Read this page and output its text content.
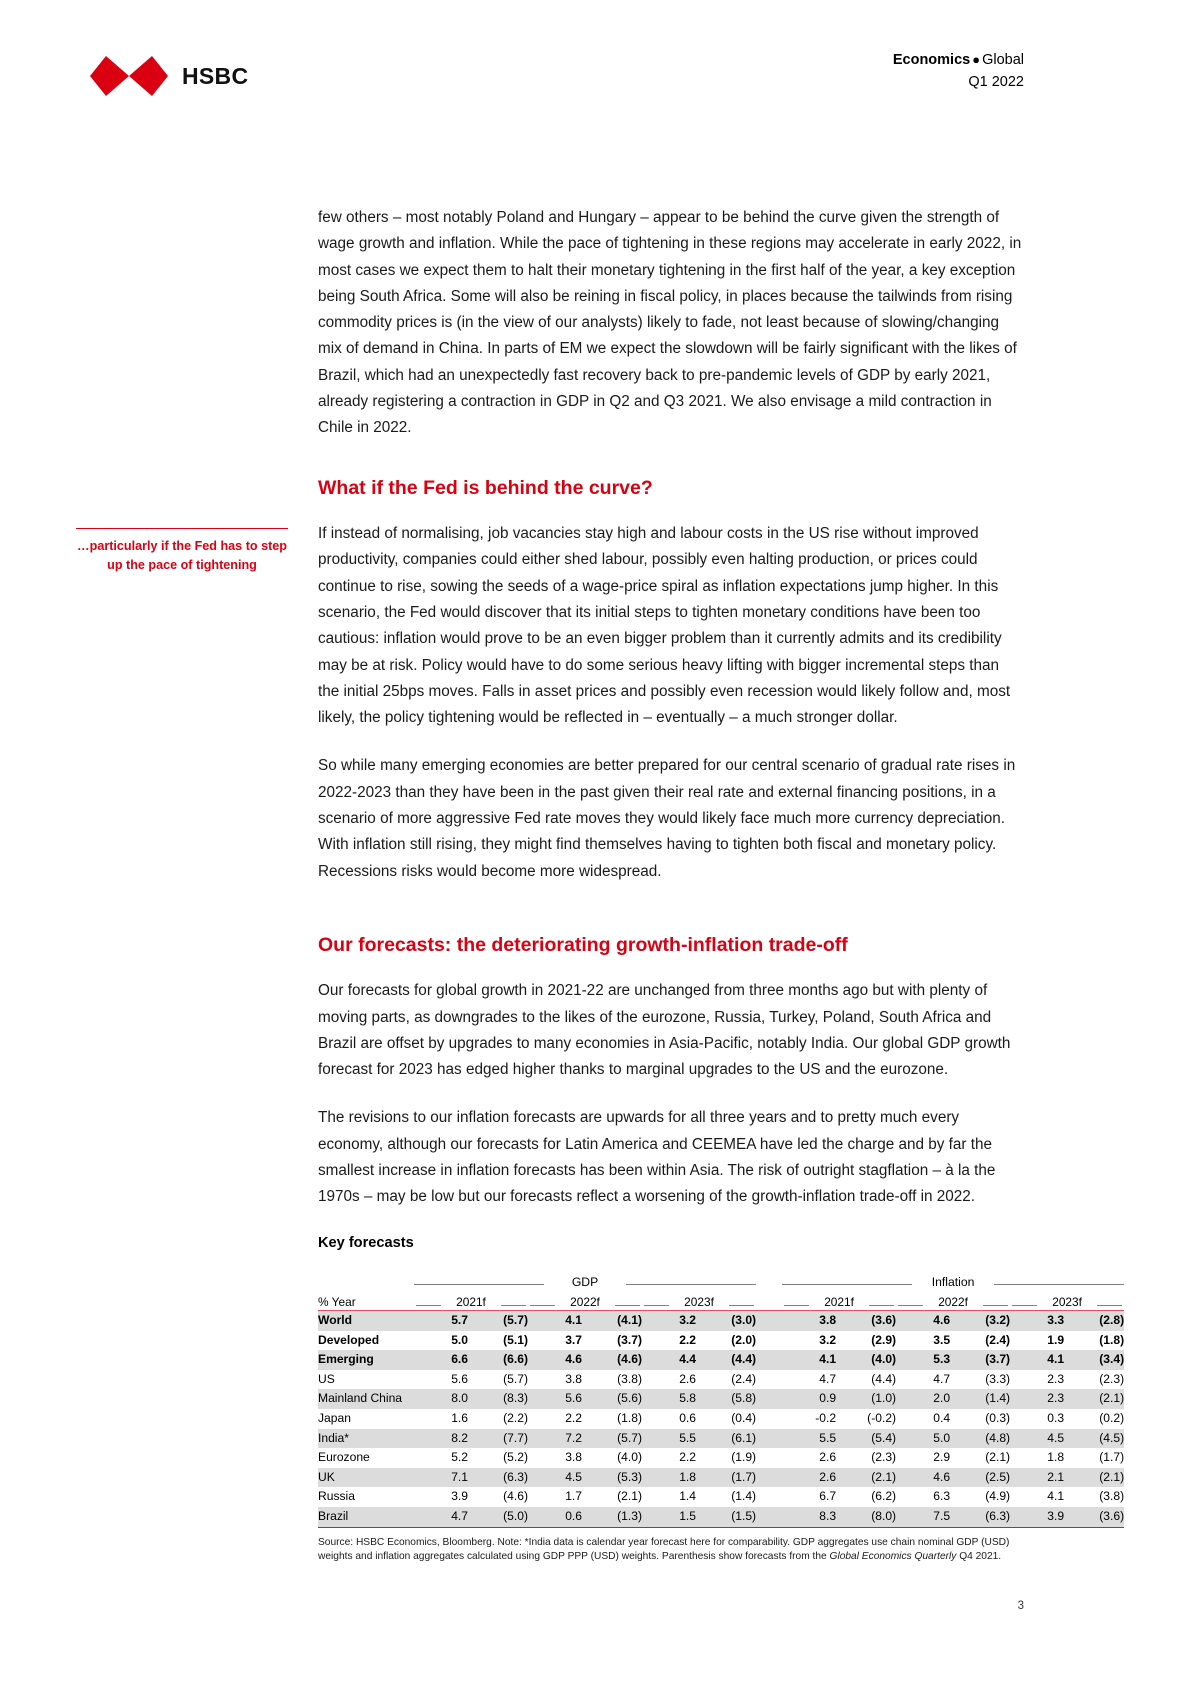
HSBC
Economics ● Global
Q1 2022
…particularly if the Fed has to step up the pace of tightening

few others – most notably Poland and Hungary – appear to be behind the curve given the strength of wage growth and inflation. While the pace of tightening in these regions may accelerate in early 2022, in most cases we expect them to halt their monetary tightening in the first half of the year, a key exception being South Africa. Some will also be reining in fiscal policy, in places because the tailwinds from rising commodity prices is (in the view of our analysts) likely to fade, not least because of slowing/changing mix of demand in China. In parts of EM we expect the slowdown will be fairly significant with the likes of Brazil, which had an unexpectedly fast recovery back to pre-pandemic levels of GDP by early 2021, already registering a contraction in GDP in Q2 and Q3 2021. We also envisage a mild contraction in Chile in 2022.

What if the Fed is behind the curve?

If instead of normalising, job vacancies stay high and labour costs in the US rise without improved productivity, companies could either shed labour, possibly even halting production, or prices could continue to rise, sowing the seeds of a wage-price spiral as inflation expectations jump higher. In this scenario, the Fed would discover that its initial steps to tighten monetary conditions have been too cautious: inflation would prove to be an even bigger problem than it currently admits and its credibility may be at risk. Policy would have to do some serious heavy lifting with bigger incremental steps than the initial 25bps moves. Falls in asset prices and possibly even recession would likely follow and, most likely, the policy tightening would be reflected in – eventually – a much stronger dollar.

So while many emerging economies are better prepared for our central scenario of gradual rate rises in 2022-2023 than they have been in the past given their real rate and external financing positions, in a scenario of more aggressive Fed rate moves they would likely face much more currency depreciation. With inflation still rising, they might find themselves having to tighten both fiscal and monetary policy. Recessions risks would become more widespread.

Our forecasts: the deteriorating growth-inflation trade-off

Our forecasts for global growth in 2021-22 are unchanged from three months ago but with plenty of moving parts, as downgrades to the likes of the eurozone, Russia, Turkey, Poland, South Africa and Brazil are offset by upgrades to many economies in Asia-Pacific, notably India. Our global GDP growth forecast for 2023 has edged higher thanks to marginal upgrades to the US and the eurozone.

The revisions to our inflation forecasts are upwards for all three years and to pretty much every economy, although our forecasts for Latin America and CEEMEA have led the charge and by far the smallest increase in inflation forecasts has been within Asia. The risk of outright stagflation – à la the 1970s – may be low but our forecasts reflect a worsening of the growth-inflation trade-off in 2022.

Key forecasts

	GDP							Inflation					

% Year	2021f		2022f		2023f			2021f		2022f		2023f	

World	5.7	(5.7)	4.1	(4.1)	3.2	(3.0)		3.8	(3.6)	4.6	(3.2)	3.3	(2.8)
Developed	5.0	(5.1)	3.7	(3.7)	2.2	(2.0)		3.2	(2.9)	3.5	(2.4)	1.9	(1.8)
Emerging	6.6	(6.6)	4.6	(4.6)	4.4	(4.4)		4.1	(4.0)	5.3	(3.7)	4.1	(3.4)
US	5.6	(5.7)	3.8	(3.8)	2.6	(2.4)		4.7	(4.4)	4.7	(3.3)	2.3	(2.3)
Mainland China	8.0	(8.3)	5.6	(5.6)	5.8	(5.8)		0.9	(1.0)	2.0	(1.4)	2.3	(2.1)
Japan	1.6	(2.2)	2.2	(1.8)	0.6	(0.4)		-0.2	(-0.2)	0.4	(0.3)	0.3	(0.2)
India*	8.2	(7.7)	7.2	(5.7)	5.5	(6.1)		5.5	(5.4)	5.0	(4.8)	4.5	(4.5)
Eurozone	5.2	(5.2)	3.8	(4.0)	2.2	(1.9)		2.6	(2.3)	2.9	(2.1)	1.8	(1.7)
UK	7.1	(6.3)	4.5	(5.3)	1.8	(1.7)		2.6	(2.1)	4.6	(2.5)	2.1	(2.1)
Russia	3.9	(4.6)	1.7	(2.1)	1.4	(1.4)		6.7	(6.2)	6.3	(4.9)	4.1	(3.8)
Brazil	4.7	(5.0)	0.6	(1.3)	1.5	(1.5)		8.3	(8.0)	7.5	(6.3)	3.9	(3.6)

Source: HSBC Economics, Bloomberg. Note: *India data is calendar year forecast here for comparability. GDP aggregates use chain nominal GDP (USD) weights and inflation aggregates calculated using GDP PPP (USD) weights. Parenthesis show forecasts from the Global Economics Quarterly Q4 2021.
3
